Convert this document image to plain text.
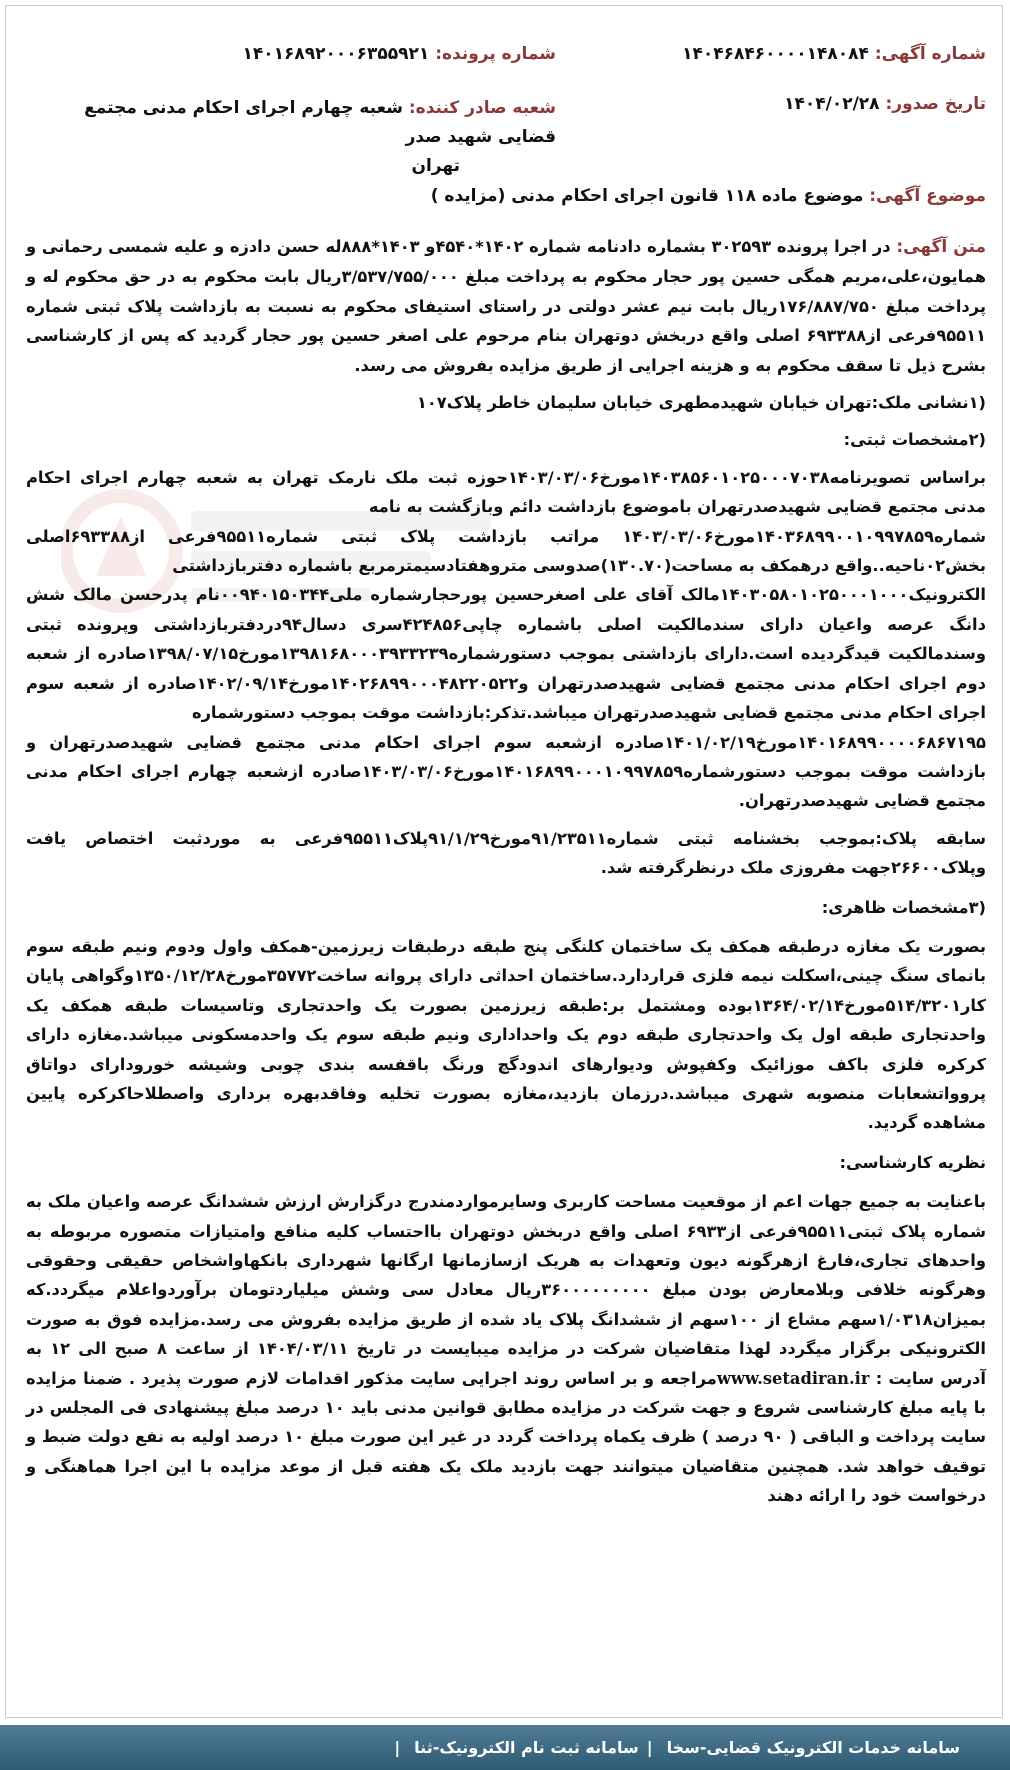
شماره آگهی: ۱۴۰۴۶۸۴۶۰۰۰۰۱۴۸۰۸۴
شماره پرونده: ۱۴۰۱۶۸۹۲۰۰۰۶۳۵۵۹۲۱
تاریخ صدور: ۱۴۰۴/۰۲/۲۸
شعبه صادر کننده: شعبه چهارم اجرای احکام مدنی مجتمع قضایی شهید صدر
تهران
موضوع آگهی: موضوع ماده ۱۱۸ قانون اجرای احکام مدنی (مزایده )

متن آگهی: در اجرا پرونده ۳۰۲۵۹۳ بشماره دادنامه شماره ۱۴۰۲*۴۵۴۰و ۱۴۰۳*۸۸۸له حسن دادزه و علیه شمسی رحمانی و همایون،علی،مریم همگی حسین پور حجار محکوم به پرداخت مبلغ ۳/۵۳۷/۷۵۵/۰۰۰ریال بابت محکوم به در حق محکوم له و پرداخت مبلغ ۱۷۶/۸۸۷/۷۵۰ریال بابت نیم عشر دولتی در راستای استیفای محکوم به نسبت به بازداشت پلاک ثبتی شماره ۹۵۵۱۱فرعی از۶۹۳۳۸۸ اصلی واقع دربخش دوتهران بنام مرحوم علی اصغر حسین پور حجار گردید که پس از کارشناسی بشرح ذیل تا سقف محکوم به و هزینه اجرایی از طریق مزایده بفروش می رسد.

(۱نشانی ملک:تهران خیابان شهیدمطهری خیابان سلیمان خاطر پلاک۱۰۷

(۲مشخصات ثبتی:

براساس تصویرنامه۱۴۰۳۸۵۶۰۱۰۲۵۰۰۰۷۰۳۸مورخ۱۴۰۳/۰۳/۰۶حوزه ثبت ملک نارمک تهران به شعبه چهارم اجرای احکام مدنی مجتمع قضایی شهیدصدرتهران باموضوع بازداشت دائم وبازگشت به نامه

شماره۱۴۰۳۶۸۹۹۰۰۱۰۹۹۷۸۵۹مورخ۱۴۰۳/۰۳/۰۶ مراتب بازداشت پلاک ثبتی شماره۹۵۵۱۱فرعی از۶۹۳۳۸۸اصلی بخش۰۲ناحیه..واقع درهمکف به مساحت(۱۳۰.۷۰)صدوسی متروهفتادسیمترمربع باشماره دفتربازداشتی

الکترونیک۱۴۰۳۰۵۸۰۱۰۲۵۰۰۰۱۰۰۰مالک آقای علی اصغرحسین پورحجارشماره ملی۰۰۹۴۰۱۵۰۳۴۴نام پدرحسن مالک شش دانگ عرصه واعیان دارای سندمالکیت اصلی باشماره چاپی۴۲۴۸۵۶سری دسال۹۴دردفتربازداشتی وپرونده ثبتی وسندمالکیت قیدگردیده است.دارای بازداشتی بموجب دستورشماره۱۳۹۸۱۶۸۰۰۰۳۹۳۳۲۳۹مورخ۱۳۹۸/۰۷/۱۵صادره از شعبه دوم اجرای احکام مدنی مجتمع قضایی شهیدصدرتهران و۱۴۰۲۶۸۹۹۰۰۰۴۸۲۲۰۵۲۲مورخ۱۴۰۲/۰۹/۱۴صادره از شعبه سوم اجرای احکام مدنی مجتمع قضایی شهیدصدرتهران میباشد.تذکر:بازداشت موقت بموجب دستورشماره

۱۴۰۱۶۸۹۹۰۰۰۰۶۸۶۷۱۹۵مورخ۱۴۰۱/۰۲/۱۹صادره ازشعبه سوم اجرای احکام مدنی مجتمع قضایی شهیدصدرتهران و بازداشت موقت بموجب دستورشماره۱۴۰۱۶۸۹۹۰۰۰۱۰۹۹۷۸۵۹مورخ۱۴۰۳/۰۳/۰۶صادره ازشعبه چهارم اجرای احکام مدنی مجتمع قضایی شهیدصدرتهران.

سابقه پلاک:بموجب بخشنامه ثبتی شماره۹۱/۲۳۵۱۱مورخ۹۱/۱/۲۹پلاک۹۵۵۱۱فرعی به موردثبت اختصاص یافت وپلاک۲۶۶۰۰جهت مفروزی ملک درنظرگرفته شد.

(۳مشخصات ظاهری:

بصورت یک مغازه درطبقه همکف یک ساختمان کلنگی پنج طبقه درطبقات زیرزمین-همکف واول ودوم ونیم طبقه سوم بانمای سنگ چینی،اسکلت نیمه فلزی قراردارد.ساختمان احداثی دارای پروانه ساخت۳۵۷۷۲مورخ۱۳۵۰/۱۲/۲۸وگواهی پایان کار۵۱۴/۳۲۰۱مورخ۱۳۶۴/۰۲/۱۴بوده ومشتمل بر:طبقه زیرزمین بصورت یک واحدتجاری وتاسیسات طبقه همکف یک واحدتجاری طبقه اول یک واحدتجاری طبقه دوم یک واحداداری ونیم طبقه سوم یک واحدمسکونی میباشد.مغازه دارای کرکره فلزی باکف موزائیک وکفپوش ودیوارهای اندودگچ ورنگ باقفسه بندی چوبی وشیشه خورودارای دواتاق پروواتشعابات منصوبه شهری میباشد.درزمان بازدید،مغازه بصورت تخلیه وفاقدبهره برداری واصطلاحاکرکره پایین مشاهده گردید.

نظریه کارشناسی:

باعنایت به جمیع جهات اعم از موقعیت مساحت کاربری وسایرمواردمندرج درگزارش ارزش ششدانگ عرصه واعیان ملک به شماره پلاک ثبتی۹۵۵۱۱فرعی از۶۹۳۳ اصلی واقع دربخش دوتهران بااحتساب کلیه منافع وامتیازات متصوره مربوطه به واحدهای تجاری،فارغ ازهرگونه دیون وتعهدات به هریک ازسازمانها ارگانها شهرداری بانکهاواشخاص حقیقی وحقوقی وهرگونه خلافی وبلامعارض بودن مبلغ ۳۶۰۰۰۰۰۰۰۰۰ریال معادل سی وشش میلیاردتومان برآوردواعلام میگردد.که بمیزان۱/۰۳۱۸سهم مشاع از ۱۰۰سهم از ششدانگ پلاک یاد شده از طریق مزایده بفروش می رسد.مزایده فوق به صورت الکترونیکی برگزار میگردد لهذا متقاضیان شرکت در مزایده میبایست در تاریخ ۱۴۰۴/۰۳/۱۱ از ساعت ۸ صبح الی ۱۲ به آدرس سایت : www.setadiran.irمراجعه و بر اساس روند اجرایی سایت مذکور اقدامات لازم صورت پذیرد . ضمنا مزایده با پایه مبلغ کارشناسی شروع و جهت شرکت در مزایده مطابق قوانین مدنی باید ۱۰ درصد مبلغ پیشنهادی فی المجلس در سایت پرداخت و الباقی ( ۹۰ درصد ) ظرف یکماه پرداخت گردد در غیر این صورت مبلغ ۱۰ درصد اولیه به نفع دولت ضبط و توقیف خواهد شد. همچنین متقاضیان میتوانند جهت بازدید ملک یک هفته قبل از موعد مزایده با این اجرا هماهنگی و درخواست خود را ارائه دهند

سامانه خدمات الکترونیک قضایی-سخا
|
سامانه ثبت نام الکترونیک-ثنا
|
